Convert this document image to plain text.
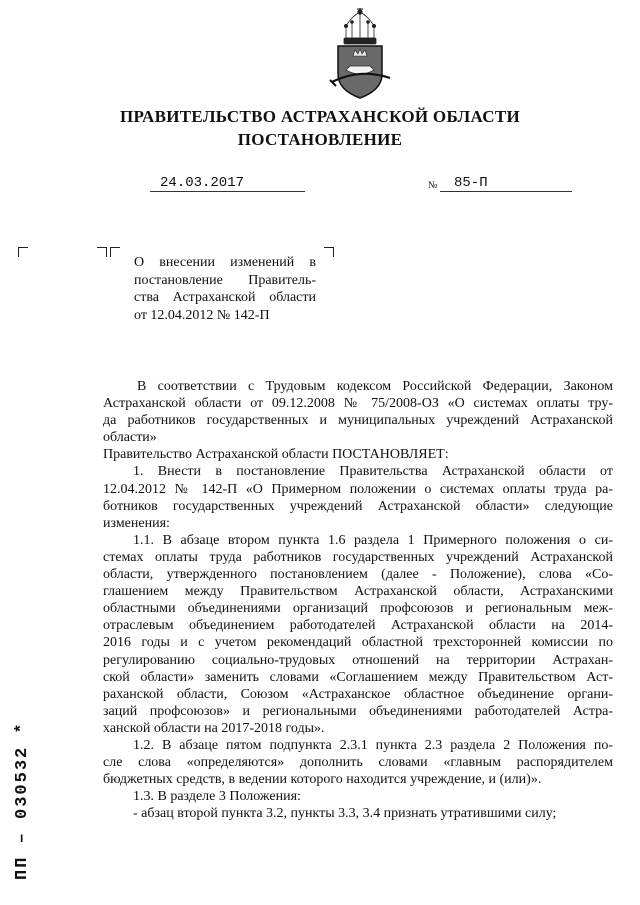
ПРАВИТЕЛЬСТВО АСТРАХАНСКОЙ ОБЛАСТИ
ПОСТАНОВЛЕНИЕ
24.03.2017	№ 85-П
О внесении изменений в
постановление Правитель-
ства Астраханской области
от 12.04.2012 № 142-П
В соответствии с Трудовым кодексом Российской Федерации, Законом
Астраханской области от 09.12.2008 № 75/2008-ОЗ «О системах оплаты тру-
да работников государственных и муниципальных учреждений Астраханской
области»
Правительство Астраханской области ПОСТАНОВЛЯЕТ:
1. Внести в постановление Правительства Астраханской области от
12.04.2012 № 142-П «О Примерном положении о системах оплаты труда ра-
ботников государственных учреждений Астраханской области» следующие
изменения:
1.1. В абзаце втором пункта 1.6 раздела 1 Примерного положения о си-
стемах оплаты труда работников государственных учреждений Астраханской
области, утвержденного постановлением (далее - Положение), слова «Со-
глашением между Правительством Астраханской области, Астраханскими
областными объединениями организаций профсоюзов и региональным меж-
отраслевым объединением работодателей Астраханской области на 2014-
2016 годы и с учетом рекомендаций областной трехсторонней комиссии по
регулированию социально-трудовых отношений на территории Астрахан-
ской области» заменить словами «Соглашением между Правительством Аст-
раханской области, Союзом «Астраханское областное объединение органи-
заций профсоюзов» и региональными объединениями работодателей Астра-
ханской области на 2017-2018 годы».
1.2. В абзаце пятом подпункта 2.3.1 пункта 2.3 раздела 2 Положения по-
сле слова «определяются» дополнить словами «главным распорядителем
бюджетных средств, в ведении которого находится учреждение, и (или)».
1.3. В разделе 3 Положения:
- абзац второй пункта 3.2, пункты 3.3, 3.4 признать утратившими силу;
ПП – 030532 *
